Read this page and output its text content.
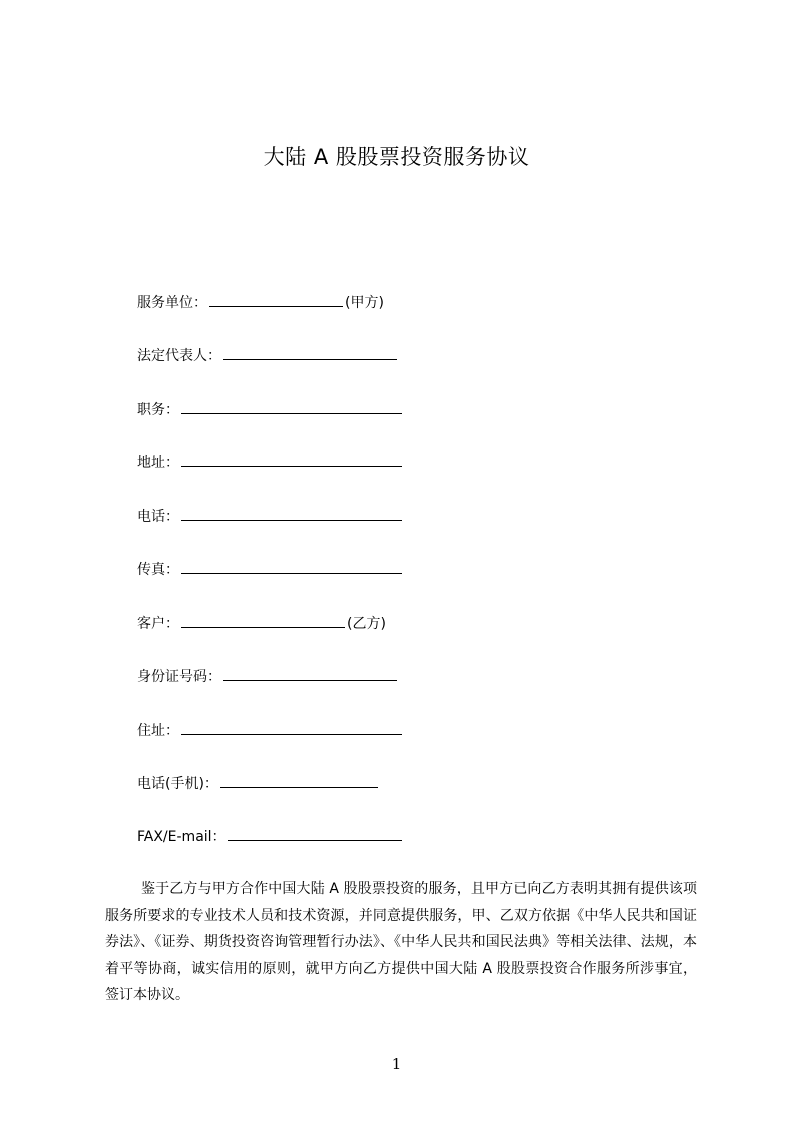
大陆 A 股股票投资服务协议
服务单位：	(甲方)
法定代表人：
职务：
地址：
电话：
传真：
客户：	(乙方)
身份证号码：
住址：
电话(手机)：
FAX/E-mail：
鉴于乙方与甲方合作中国大陆 A 股股票投资的服务，且甲方已向乙方表明其拥有提供该项服务所要求的专业技术人员和技术资源，并同意提供服务，甲、乙双方依据《中华人民共和国证券法》、《证券、期货投资咨询管理暂行办法》、《中华人民共和国民法典》等相关法律、法规，本着平等协商，诚实信用的原则，就甲方向乙方提供中国大陆 A 股股票投资合作服务所涉事宜，签订本协议。
1
